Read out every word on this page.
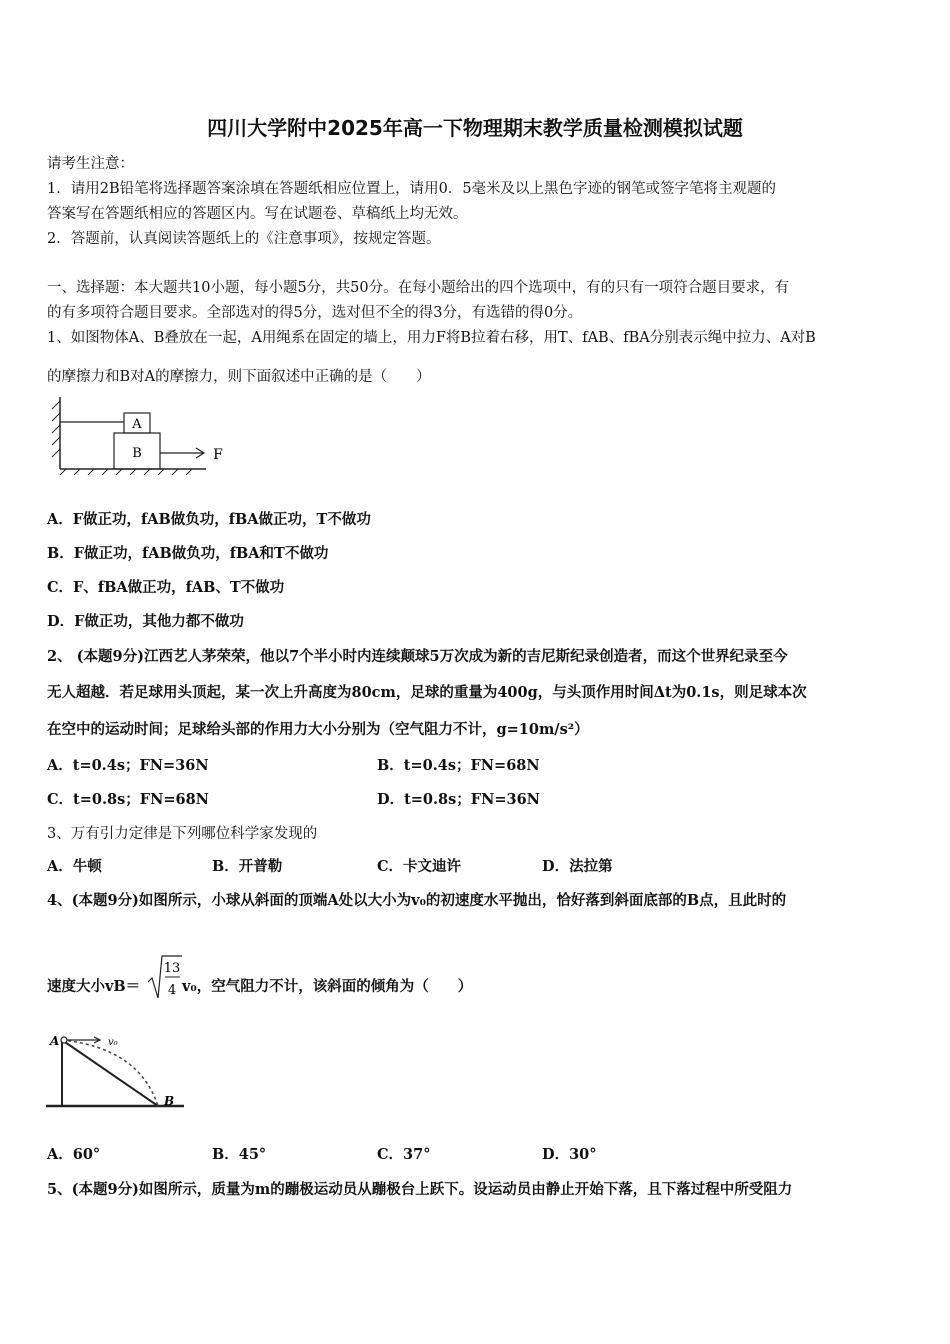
四川大学附中2025年高一下物理期末教学质量检测模拟试题
请考生注意：
1．请用2B铅笔将选择题答案涂填在答题纸相应位置上，请用0．5毫米及以上黑色字迹的钢笔或签字笔将主观题的
答案写在答题纸相应的答题区内。写在试题卷、草稿纸上均无效。
2．答题前，认真阅读答题纸上的《注意事项》，按规定答题。
一、选择题：本大题共10小题，每小题5分，共50分。在每小题给出的四个选项中，有的只有一项符合题目要求，有
的有多项符合题目要求。全部选对的得5分，选对但不全的得3分，有选错的得0分。
1、如图物体A、B叠放在一起，A用绳系在固定的墙上，用力F将B拉着右移，用T、fAB、fBA分别表示绳中拉力、A对B
的摩擦力和B对A的摩擦力，则下面叙述中正确的是（　　）
A
B	F
A．F做正功，fAB做负功，fBA做正功，T不做功
B．F做正功，fAB做负功，fBA和T不做功
C．F、fBA做正功，fAB、T不做功
D．F做正功，其他力都不做功
2、 (本题9分)江西艺人茅荣荣，他以7个半小时内连续颠球5万次成为新的吉尼斯纪录创造者，而这个世界纪录至今
无人超越．若足球用头顶起，某一次上升高度为80cm，足球的重量为400g，与头顶作用时间Δt为0.1s，则足球本次
在空中的运动时间；足球给头部的作用力大小分别为（空气阻力不计，g=10m/s²）
A．t=0.4s；FN=36N	B．t=0.4s；FN=68N
C．t=0.8s；FN=68N	D．t=0.8s；FN=36N
3、万有引力定律是下列哪位科学家发现的
A．牛顿	B．开普勒	C．卡文迪许	D．法拉第
4、(本题9分)如图所示，小球从斜面的顶端A处以大小为v₀的初速度水平抛出，恰好落到斜面底部的B点，且此时的
速度大小vB＝
13
4 v₀，空气阻力不计，该斜面的倾角为（　　）
A	v₀
B
A．60°	B．45°	C．37°	D．30°
5、(本题9分)如图所示，质量为m的蹦极运动员从蹦极台上跃下。设运动员由静止开始下落，且下落过程中所受阻力
